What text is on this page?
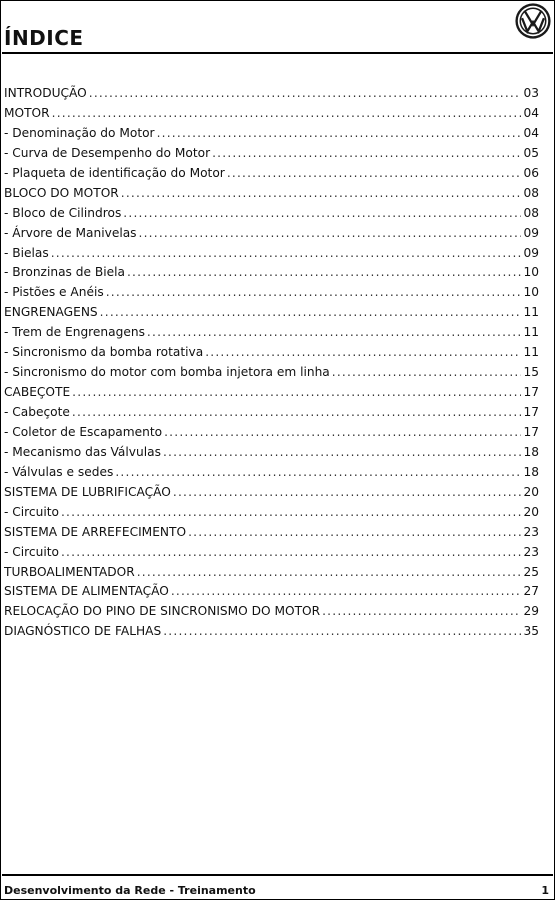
ÍNDICE
INTRODUÇÃO .....	03
MOTOR .....	04
- Denominação do Motor .....	04
- Curva de Desempenho do Motor .....	05
- Plaqueta de identificação do Motor .....	06
BLOCO DO MOTOR .....	08
- Bloco de Cilindros .....	08
- Árvore de Manivelas .....	09
- Bielas .....	09
- Bronzinas de Biela .....	10
- Pistões e Anéis .....	10
ENGRENAGENS .....	11
- Trem de Engrenagens .....	11
- Sincronismo da bomba rotativa .....	11
- Sincronismo do motor com bomba injetora em linha .....	15
CABEÇOTE .....	17
- Cabeçote .....	17
- Coletor de Escapamento .....	17
- Mecanismo das Válvulas .....	18
- Válvulas e sedes .....	18
SISTEMA DE LUBRIFICAÇÃO .....	20
- Circuito .....	20
SISTEMA DE ARREFECIMENTO .....	23
- Circuito .....	23
TURBOALIMENTADOR .....	25
SISTEMA DE ALIMENTAÇÃO .....	27
RELOCAÇÃO DO PINO DE SINCRONISMO DO MOTOR .....	29
DIAGNÓSTICO DE FALHAS .....	35
Desenvolvimento da Rede - Treinamento	1
